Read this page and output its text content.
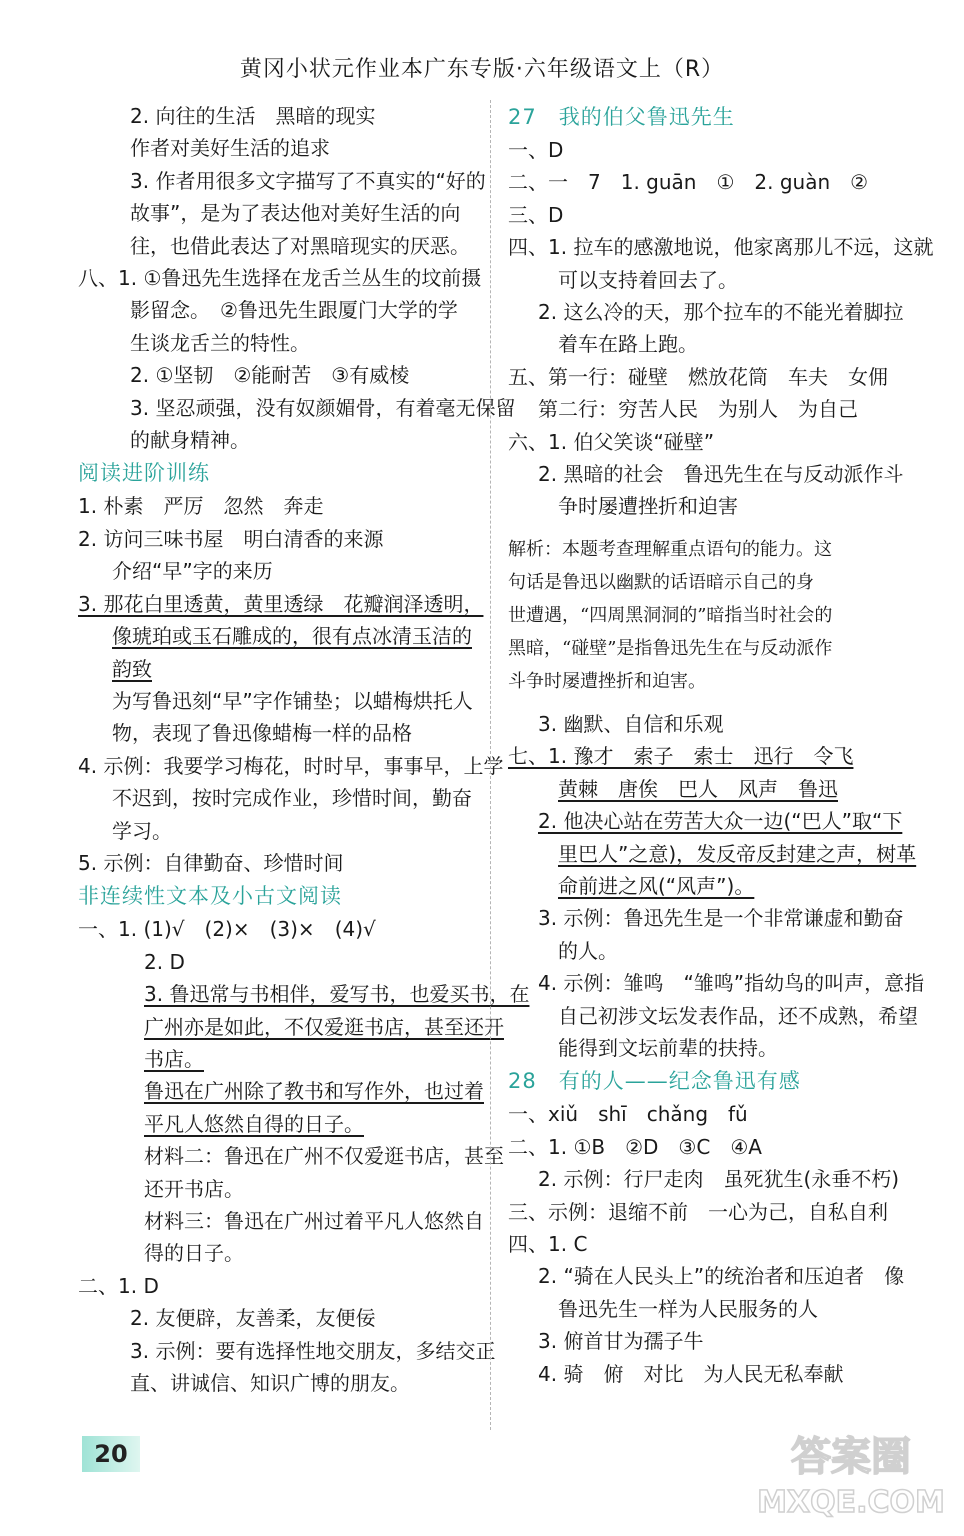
黄冈小状元作业本广东专版·六年级语文上（R）
2. 向往的生活　黑暗的现实
作者对美好生活的追求
3. 作者用很多文字描写了不真实的“好的
故事”，是为了表达他对美好生活的向
往，也借此表达了对黑暗现实的厌恶。
八、1. ①鲁迅先生选择在龙舌兰丛生的坟前摄
影留念。　②鲁迅先生跟厦门大学的学
生谈龙舌兰的特性。
2. ①坚韧　②能耐苦　③有威棱
3. 坚忍顽强，没有奴颜媚骨，有着毫无保留
的献身精神。
阅读进阶训练
1. 朴素　严厉　忽然　奔走
2. 访问三味书屋　明白清香的来源
介绍“早”字的来历
3. 那花白里透黄，黄里透绿　花瓣润泽透明，
像琥珀或玉石雕成的，很有点冰清玉洁的
韵致
为写鲁迅刻“早”字作铺垫；以蜡梅烘托人
物，表现了鲁迅像蜡梅一样的品格
4. 示例：我要学习梅花，时时早，事事早，上学
不迟到，按时完成作业，珍惜时间，勤奋
学习。
5. 示例：自律勤奋、珍惜时间
非连续性文本及小古文阅读
一、1. (1)√　(2)×　(3)×　(4)√
2. D
3. 鲁迅常与书相伴，爱写书，也爱买书，在
广州亦是如此，不仅爱逛书店，甚至还开
书店。
鲁迅在广州除了教书和写作外，也过着
平凡人悠然自得的日子。
材料二：鲁迅在广州不仅爱逛书店，甚至
还开书店。
材料三：鲁迅在广州过着平凡人悠然自
得的日子。
二、1. D
2. 友便辟，友善柔，友便佞
3. 示例：要有选择性地交朋友，多结交正
直、讲诚信、知识广博的朋友。
27　我的伯父鲁迅先生
一、D
二、一　7　1. guān　①　2. guàn　②
三、D
四、1. 拉车的感激地说，他家离那儿不远，这就
可以支持着回去了。
2. 这么冷的天，那个拉车的不能光着脚拉
着车在路上跑。
五、第一行：碰壁　燃放花筒　车夫　女佣
第二行：穷苦人民　为别人　为自己
六、1. 伯父笑谈“碰壁”
2. 黑暗的社会　鲁迅先生在与反动派作斗
争时屡遭挫折和迫害
解析：本题考查理解重点语句的能力。这
句话是鲁迅以幽默的话语暗示自己的身
世遭遇，“四周黑洞洞的”暗指当时社会的
黑暗，“碰壁”是指鲁迅先生在与反动派作
斗争时屡遭挫折和迫害。
3. 幽默、自信和乐观
七、1. 豫才　索子　索士　迅行　令飞
黄棘　唐俟　巴人　风声　鲁迅
2. 他决心站在劳苦大众一边(“巴人”取“下
里巴人”之意)，发反帝反封建之声，树革
命前进之风(“风声”)。
3. 示例：鲁迅先生是一个非常谦虚和勤奋
的人。
4. 示例：雏鸣　“雏鸣”指幼鸟的叫声，意指
自己初涉文坛发表作品，还不成熟，希望
能得到文坛前辈的扶持。
28　有的人——纪念鲁迅有感
一、xiǔ　shī　chǎng　fǔ
二、1. ①B　②D　③C　④A
2. 示例：行尸走肉　虽死犹生(永垂不朽)
三、示例：退缩不前　一心为己，自私自利
四、1. C
2. “骑在人民头上”的统治者和压迫者　像
鲁迅先生一样为人民服务的人
3. 俯首甘为孺子牛
4. 骑　俯　对比　为人民无私奉献
20	答案圈
MXQE.COM
